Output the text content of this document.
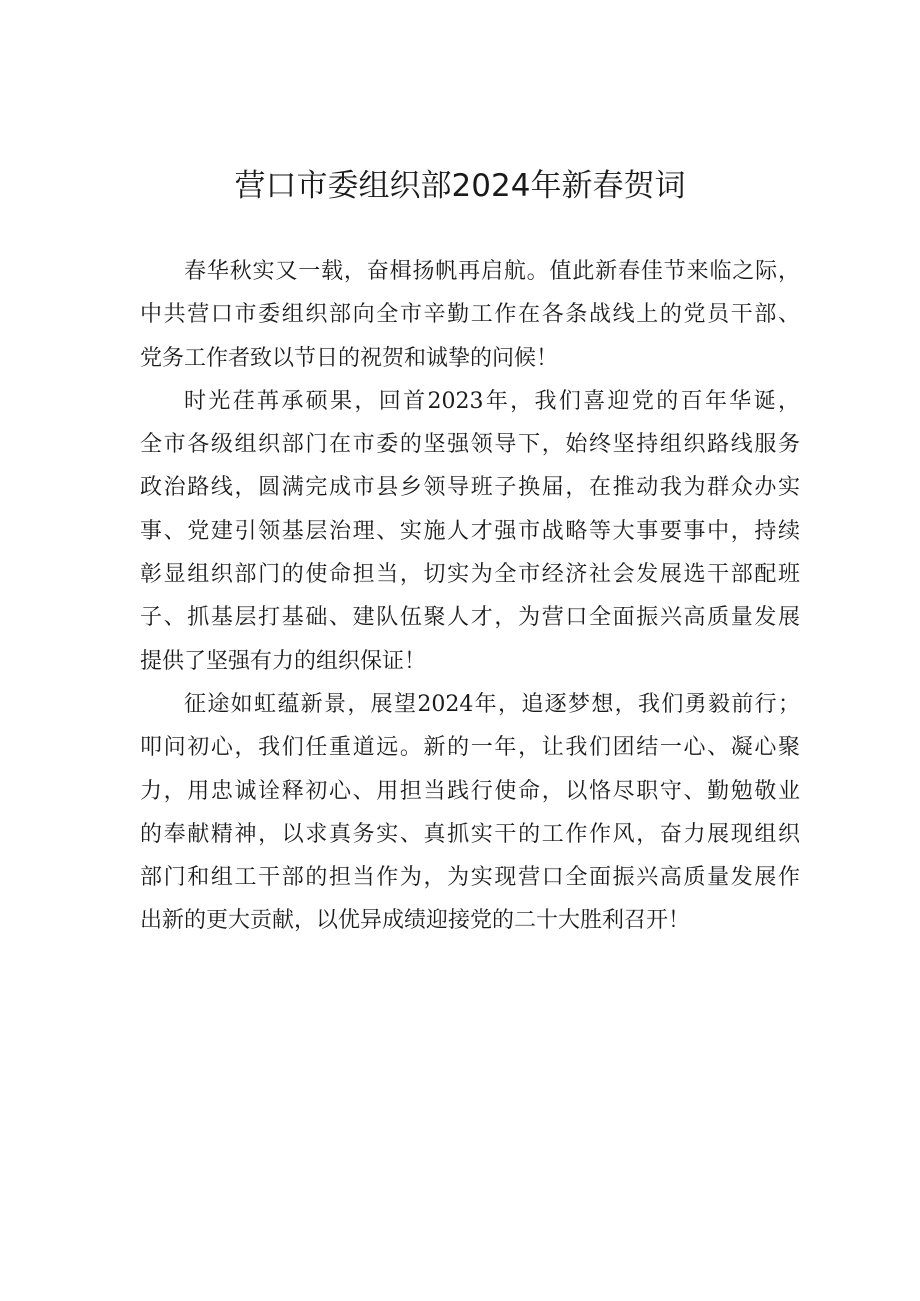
营口市委组织部2024年新春贺词
春华秋实又一载，奋楫扬帆再启航。值此新春佳节来临之际，
中共营口市委组织部向全市辛勤工作在各条战线上的党员干部、
党务工作者致以节日的祝贺和诚挚的问候！
时光荏苒承硕果，回首2023年，我们喜迎党的百年华诞，
全市各级组织部门在市委的坚强领导下，始终坚持组织路线服务
政治路线，圆满完成市县乡领导班子换届，在推动我为群众办实
事、党建引领基层治理、实施人才强市战略等大事要事中，持续
彰显组织部门的使命担当，切实为全市经济社会发展选干部配班
子、抓基层打基础、建队伍聚人才，为营口全面振兴高质量发展
提供了坚强有力的组织保证！
征途如虹蕴新景，展望2024年，追逐梦想，我们勇毅前行；
叩问初心，我们任重道远。新的一年，让我们团结一心、凝心聚
力，用忠诚诠释初心、用担当践行使命，以恪尽职守、勤勉敬业
的奉献精神，以求真务实、真抓实干的工作作风，奋力展现组织
部门和组工干部的担当作为，为实现营口全面振兴高质量发展作
出新的更大贡献，以优异成绩迎接党的二十大胜利召开！
